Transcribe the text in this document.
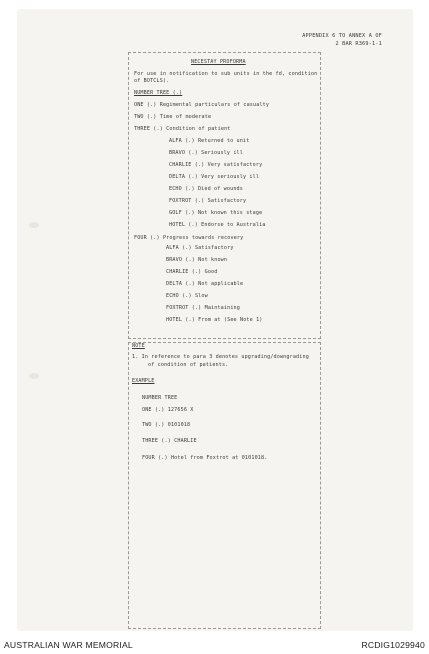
APPENDIX 6 TO ANNEX A OF
2 BAR R369-1-1
NECESTAY PROFORMA
For use in notification to sub units in the fd, condition
of BOTCLS).
NUMBER TREE (.)
ONE (.) Regimental particulars of casualty
TWO (.) Time of moderate
THREE (.) Condition of patient
ALFA (.) Returned to unit
BRAVO (.) Seriously ill
CHARLIE (.) Very satisfactory
DELTA (.) Very seriously ill
ECHO (.) Died of wounds
FOXTROT (.) Satisfactory
GOLF (.) Not known this stage
HOTEL (.) Endorse to Australia
FOUR (.) Progress towards recovery
ALFA (.) Satisfactory
BRAVO (.) Not known
CHARLIE (.) Good
DELTA (.) Not applicable
ECHO (.) Slow
FOXTROT (.) Maintaining
HOTEL (.) From at (See Note 1)
NOTE
1. In reference to para 3 denotes upgrading/downgrading
of condition of patients.
EXAMPLE
NUMBER TREE
ONE (.) 127656 X
TWO (.) 0101018
THREE (.) CHARLIE
FOUR (.) Hotel from Foxtrot at 0101018.
AUSTRALIAN WAR MEMORIAL	RCDIG1029940
